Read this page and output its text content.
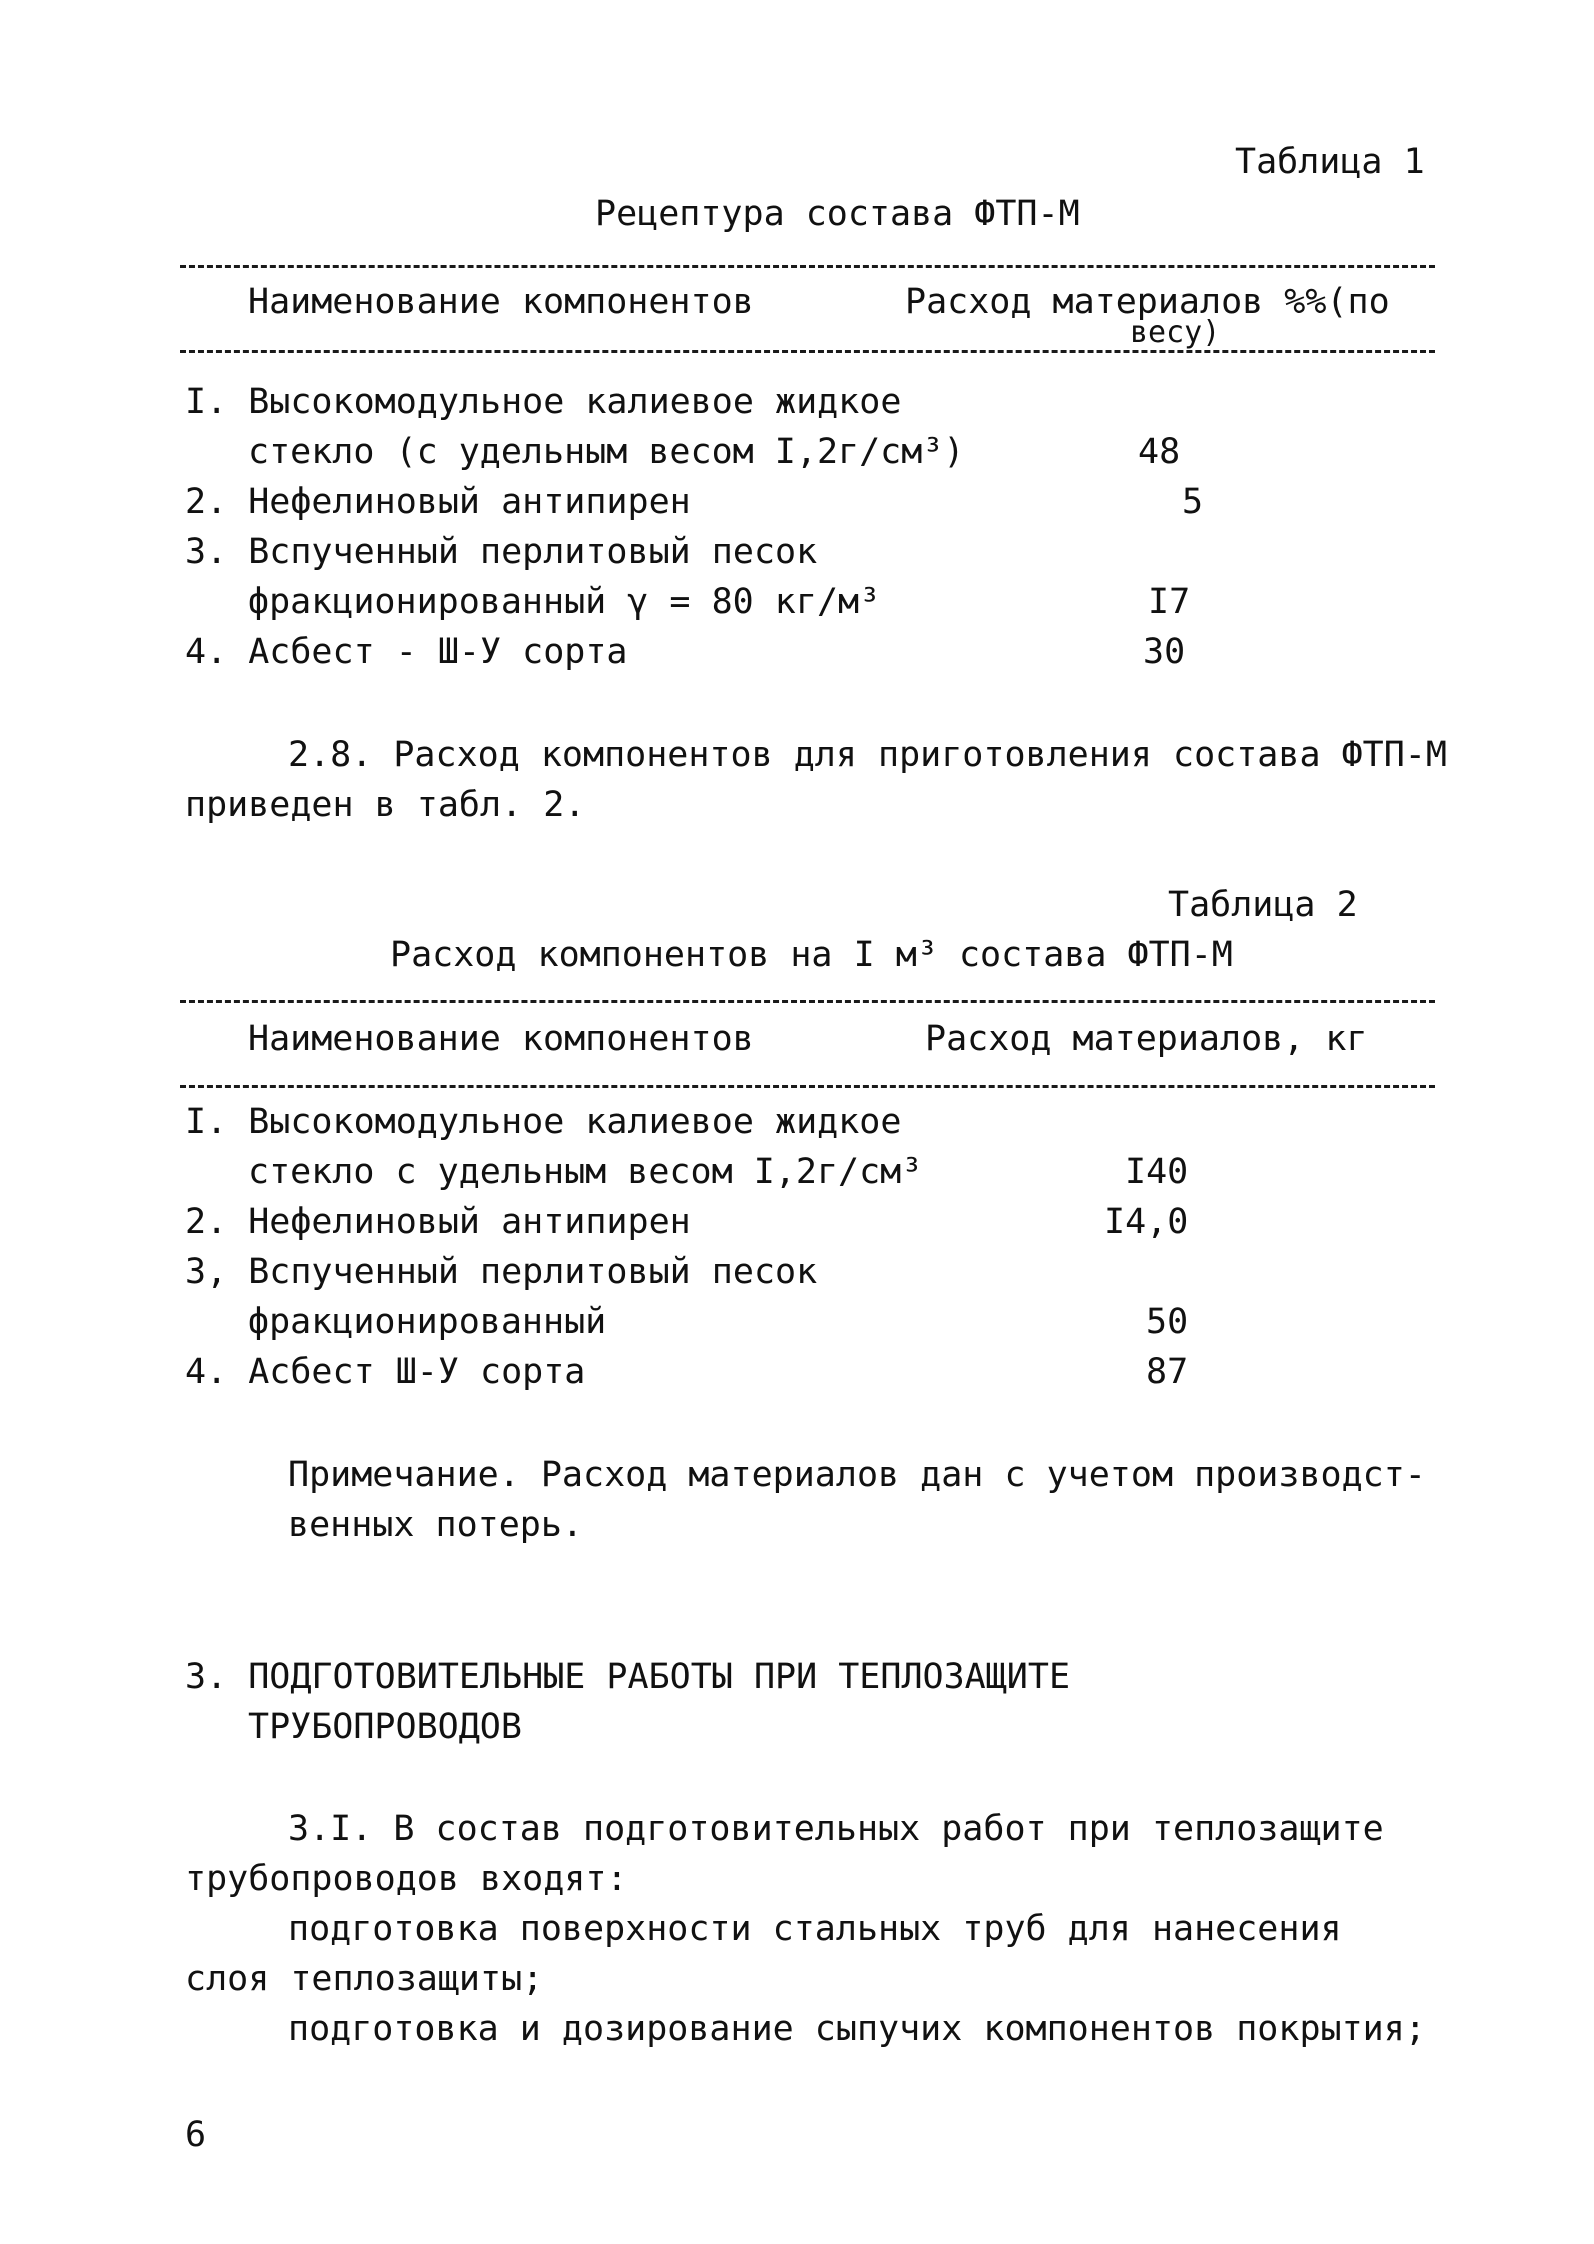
Таблица 1
Рецептура состава ФТП-М
Наименование компонентов	Расход материалов %%(по
весу)
I. Высокомодульное калиевое жидкое
стекло (с удельным весом I,2г/см³)	48
2. Нефелиновый антипирен	5
3. Вспученный перлитовый песок
фракционированный γ = 80 кг/м³	I7
4. Асбест - Ш-У сорта	30
2.8. Расход компонентов для приготовления состава ФТП-М
приведен в табл. 2.
Таблица 2
Расход компонентов на I м³ состава ФТП-М
Наименование компонентов	Расход материалов, кг
I. Высокомодульное калиевое жидкое
стекло с удельным весом I,2г/см³	I40
2. Нефелиновый антипирен	I4,0
3, Вспученный перлитовый песок
фракционированный	50
4. Асбест Ш-У сорта	87
Примечание. Расход материалов дан с учетом производст-
венных потерь.
3. ПОДГОТОВИТЕЛЬНЫЕ РАБОТЫ ПРИ ТЕПЛОЗАЩИТЕ
ТРУБОПРОВОДОВ
3.I. В состав подготовительных работ при теплозащите
трубопроводов входят:
подготовка поверхности стальных труб для нанесения
слоя теплозащиты;
подготовка и дозирование сыпучих компонентов покрытия;
6
